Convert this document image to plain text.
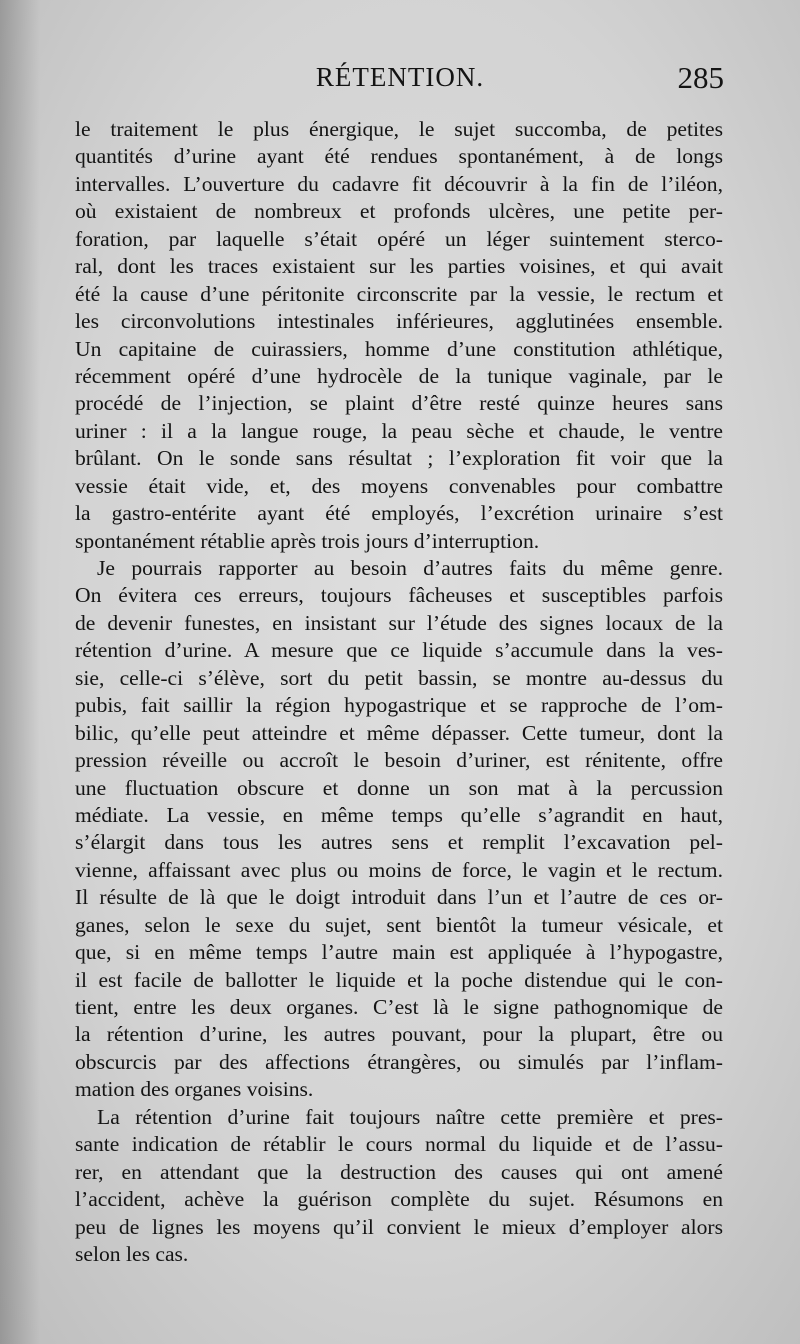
RÉTENTION.	285
le traitement le plus énergique, le sujet succomba, de petites
quantités d’urine ayant été rendues spontanément, à de longs
intervalles. L’ouverture du cadavre fit découvrir à la fin de l’iléon,
où existaient de nombreux et profonds ulcères, une petite per-
foration, par laquelle s’était opéré un léger suintement sterco-
ral, dont les traces existaient sur les parties voisines, et qui avait
été la cause d’une péritonite circonscrite par la vessie, le rectum et
les circonvolutions intestinales inférieures, agglutinées ensemble.
Un capitaine de cuirassiers, homme d’une constitution athlétique,
récemment opéré d’une hydrocèle de la tunique vaginale, par le
procédé de l’injection, se plaint d’être resté quinze heures sans
uriner : il a la langue rouge, la peau sèche et chaude, le ventre
brûlant. On le sonde sans résultat ; l’exploration fit voir que la
vessie était vide, et, des moyens convenables pour combattre
la gastro-entérite ayant été employés, l’excrétion urinaire s’est
spontanément rétablie après trois jours d’interruption.
Je pourrais rapporter au besoin d’autres faits du même genre.
On évitera ces erreurs, toujours fâcheuses et susceptibles parfois
de devenir funestes, en insistant sur l’étude des signes locaux de la
rétention d’urine. A mesure que ce liquide s’accumule dans la ves-
sie, celle-ci s’élève, sort du petit bassin, se montre au-dessus du
pubis, fait saillir la région hypogastrique et se rapproche de l’om-
bilic, qu’elle peut atteindre et même dépasser. Cette tumeur, dont la
pression réveille ou accroît le besoin d’uriner, est rénitente, offre
une fluctuation obscure et donne un son mat à la percussion
médiate. La vessie, en même temps qu’elle s’agrandit en haut,
s’élargit dans tous les autres sens et remplit l’excavation pel-
vienne, affaissant avec plus ou moins de force, le vagin et le rectum.
Il résulte de là que le doigt introduit dans l’un et l’autre de ces or-
ganes, selon le sexe du sujet, sent bientôt la tumeur vésicale, et
que, si en même temps l’autre main est appliquée à l’hypogastre,
il est facile de ballotter le liquide et la poche distendue qui le con-
tient, entre les deux organes. C’est là le signe pathognomique de
la rétention d’urine, les autres pouvant, pour la plupart, être ou
obscurcis par des affections étrangères, ou simulés par l’inflam-
mation des organes voisins.
La rétention d’urine fait toujours naître cette première et pres-
sante indication de rétablir le cours normal du liquide et de l’assu-
rer, en attendant que la destruction des causes qui ont amené
l’accident, achève la guérison complète du sujet. Résumons en
peu de lignes les moyens qu’il convient le mieux d’employer alors
selon les cas.
